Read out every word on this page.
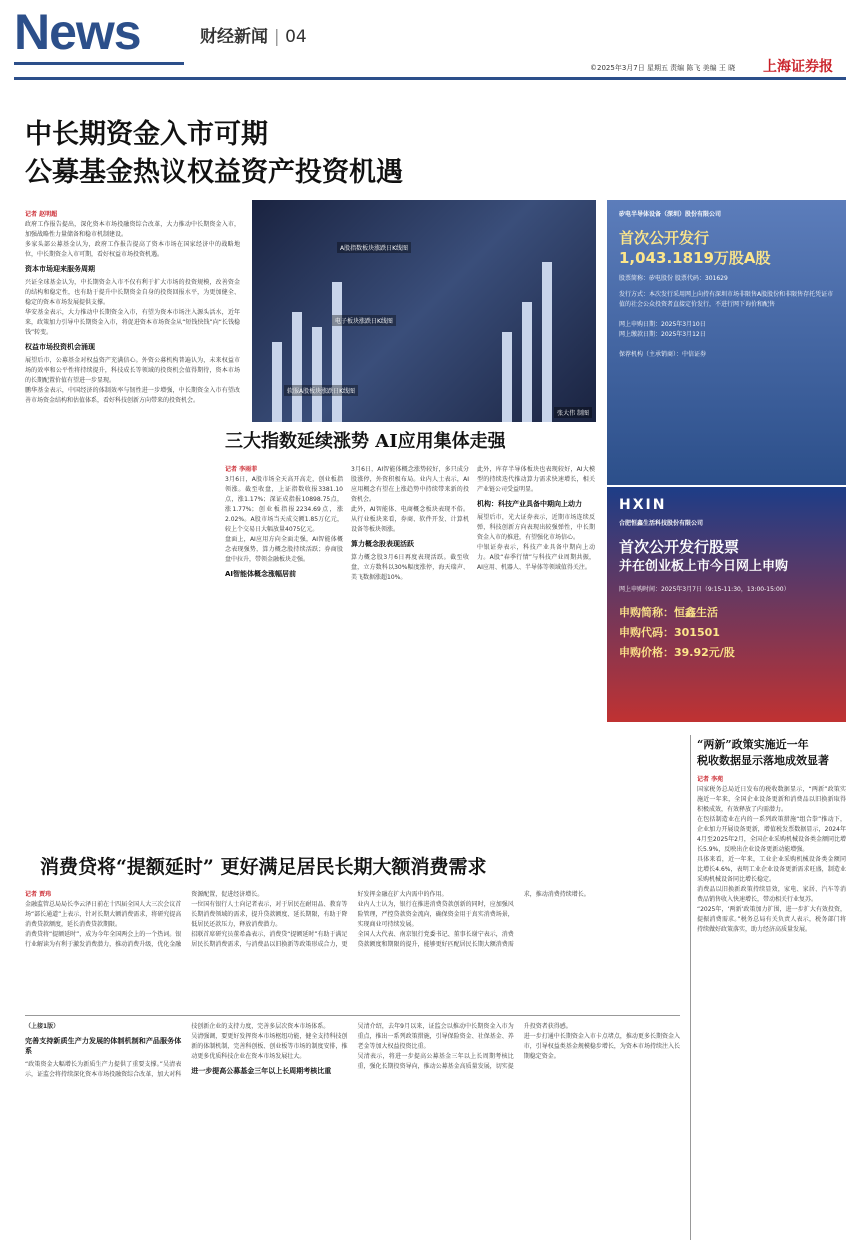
News	财经新闻 | 04
©2025年3月7日 星期五 责编 陈飞 美编 王 晓 上海证券报
中长期资金入市可期
公募基金热议权益资产投资机遇
记者 赵明超

政府工作报告提出，深化资本市场投融资综合改革，大力推动中长期资金入市，加强战略性力量储备和稳市机制建设。

多家头部公募基金认为，政府工作报告提高了资本市场在国家经济中的战略地位，中长期资金入市可期，看好权益市场投资机遇。

资本市场迎来服务周期

兴证全球基金认为，中长期资金入市不仅有利于扩大市场的投资规模，改善资金的结构和稳定性，也有助于提升中长期资金自身的投资回报水平，为更加健全、稳定的资本市场发展提供支撑。

华安基金表示，大力推动中长期资金入市，有望为资本市场注入源头活水，近年来，政策加力引导中长期资金入市，将促进资本市场资金从“短钱快钱”向“长钱稳钱”转变。

权益市场投资机会涌现

展望后市，公募基金对权益资产充满信心。外资公募机构普遍认为，未来权益市场的效率和公平性将持续提升，科技成长等领域的投资机会值得期待，资本市场的长期配置价值有望进一步显现。

鹏华基金表示，中国经济的体制效率与韧性进一步增强，中长期资金入市有望改善市场资金结构和估值体系，看好科技创新方向带来的投资机会。

A股指数板块涨跌日K线图
电子板块涨跌日K线图
软服A股板块涨跌日K线图
张大伟 制图
三大指数延续涨势 AI应用集体走强
记者 李雨菲

3月6日，A股市场全天高开高走，创业板指领涨。截至收盘，上证指数收报3381.10点，涨1.17%；深证成指报10898.75点，涨1.77%；创业板指报2234.69点，涨2.02%。A股市场当天成交额1.85万亿元，较上个交易日大幅放量4075亿元。

盘面上，AI应用方向全面走强，AI智能体概念表现强势，算力概念股持续活跃；券商股盘中拉升，带领金融板块走强。

AI智能体概念涨幅居前

3月6日，AI智能体概念涨势较好，多只成分股涨停，外资积极布局。业内人士表示，AI应用概念有望在上涨趋势中持续带来新的投资机会。

此外，AI智能体、电商概念板块表现不俗。从行业板块来看，券商、软件开发、计算机设备等板块领涨。

算力概念股表现活跃

算力概念股3月6日再度表现活跃。截至收盘，立方数科以30%幅度涨停，海天瑞声、美飞数据涨超10%。

此外，库存半导体板块也表现较好，AI大模型的持续迭代推动算力需求快速增长，相关产业链公司受益明显。

机构：科技产业具备中期向上动力

展望后市，光大证券表示，近期市场连续反弹，科技创新方向表现出较强弹性，中长期资金入市的推进，有望强化市场信心。

中银证券表示，科技产业具备中期向上动力。A股“春季行情”与科技产业周期共振，AI应用、机器人、半导体等领域值得关注。

矽电半导体设备（深圳）股份有限公司
首次公开发行
1,043.1819万股A股
股票简称：矽电股份 股票代码：301629
发行方式：本次发行采用网上向持有深圳市场非限售A股股份和非限售存托凭证市值的社会公众投资者直接定价发行，不进行网下询价和配售
网上申购日期：2025年3月10日
网上缴款日期：2025年3月12日
保荐机构（主承销商）：中信证券
HXIN
合肥恒鑫生活科技股份有限公司
首次公开发行股票
并在创业板上市今日网上申购
网上申购时间：2025年3月7日（9:15-11:30，13:00-15:00）
申购简称：恒鑫生活
申购代码：301501
申购价格：39.92元/股
“两新”政策实施近一年
税收数据显示落地成效显著
记者 李苑

国家税务总局近日发布的税收数据显示，“两新”政策实施近一年来，全国企业设备更新和消费品以旧换新取得积极成效，有效释放了内需潜力。

在包括制造业在内的一系列政策措施“组合拳”推动下，企业加力开展设备更新，增值税发票数据显示，2024年4月至2025年2月，全国企业采购机械设备类金额同比增长5.9%，反映出企业设备更新动能增强。

具体来看，近一年来，工业企业采购机械设备类金额同比增长4.6%，表明工业企业设备更新需求旺盛，制造业采购机械设备同比增长稳定。

消费品以旧换新政策持续显效，家电、家居、汽车等消费品销售收入快速增长，带动相关行业复苏。

“2025年，‘两新’政策加力扩围，进一步扩大有效投资，提振消费需求。”税务总局有关负责人表示，税务部门将持续做好政策落实，助力经济高质量发展。

消费贷将“提额延时” 更好满足居民长期大额消费需求
记者 贾玮

金融监管总局局长李云泽日前在十四届全国人大三次会议首场“部长通道”上表示，针对长期大额消费需求，将研究提高消费贷款额度，延长消费贷款期限。

消费贷将“提额延时”，成为今年全国两会上的一个热词。银行业解读为有利于激发消费潜力，推动消费升级，优化金融资源配置，促进经济增长。

一位国有银行人士向记者表示，对于居民在耐用品、教育等长期消费领域的需求，提升贷款额度、延长期限，有助于降低居民还款压力，释放消费潜力。

招联首席研究员董希淼表示，消费贷“提额延时”有助于满足居民长期消费需求，与消费品以旧换新等政策形成合力，更好发挥金融在扩大内需中的作用。

业内人士认为，银行在推进消费贷款创新的同时，应加强风险管理，严控贷款资金流向，确保资金用于真实消费场景，实现商业可持续发展。

全国人大代表、南京银行党委书记、董事长谢宁表示，消费贷款额度和期限的提升，能够更好匹配居民长期大额消费需求，推动消费持续增长。

（上接1版）
完善支持新质生产力发展的体制机制和产品服务体系

“政策资金大幅增长为新质生产力提供了重要支撑。”吴清表示，证监会将持续深化资本市场投融资综合改革，加大对科技创新企业的支持力度，完善多层次资本市场体系。

吴清强调，要更好发挥资本市场枢纽功能，健全支持科技创新的体制机制，完善科创板、创业板等市场的制度安排，推动更多优质科技企业在资本市场发展壮大。

进一步提高公募基金三年以上长周期考核比重

吴清介绍，去年9月以来，证监会以推动中长期资金入市为重点，推出一系列政策措施，引导保险资金、社保基金、养老金等加大权益投资比重。

吴清表示，将进一步提高公募基金三年以上长周期考核比重，强化长期投资导向，推动公募基金高质量发展，切实提升投资者获得感。

进一步打通中长期资金入市卡点堵点，推动更多长期资金入市，引导权益类基金规模稳步增长，为资本市场持续注入长期稳定资金。
